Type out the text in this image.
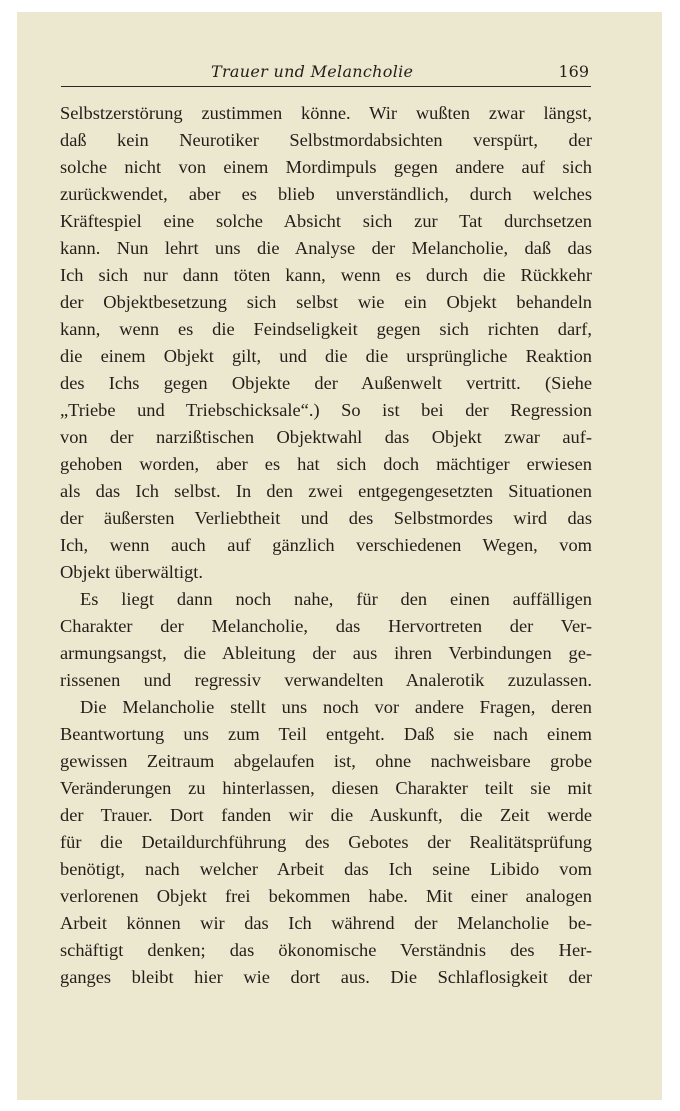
Trauer und Melancholie	169
Selbstzerstörung zustimmen könne. Wir wußten zwar längst,
daß kein Neurotiker Selbstmordabsichten verspürt, der
solche nicht von einem Mordimpuls gegen andere auf sich
zurückwendet, aber es blieb unverständlich, durch welches
Kräftespiel eine solche Absicht sich zur Tat durchsetzen
kann. Nun lehrt uns die Analyse der Melancholie, daß das
Ich sich nur dann töten kann, wenn es durch die Rückkehr
der Objektbesetzung sich selbst wie ein Objekt behandeln
kann, wenn es die Feindseligkeit gegen sich richten darf,
die einem Objekt gilt, und die die ursprüngliche Reaktion
des Ichs gegen Objekte der Außenwelt vertritt. (Siehe
„Triebe und Triebschicksale“.) So ist bei der Regression
von der narzißtischen Objektwahl das Objekt zwar auf-
gehoben worden, aber es hat sich doch mächtiger erwiesen
als das Ich selbst. In den zwei entgegengesetzten Situationen
der äußersten Verliebtheit und des Selbstmordes wird das
Ich, wenn auch auf gänzlich verschiedenen Wegen, vom
Objekt überwältigt.
Es liegt dann noch nahe, für den einen auffälligen
Charakter der Melancholie, das Hervortreten der Ver-
armungsangst, die Ableitung der aus ihren Verbindungen ge-
rissenen und regressiv verwandelten Analerotik zuzulassen.
Die Melancholie stellt uns noch vor andere Fragen, deren
Beantwortung uns zum Teil entgeht. Daß sie nach einem
gewissen Zeitraum abgelaufen ist, ohne nachweisbare grobe
Veränderungen zu hinterlassen, diesen Charakter teilt sie mit
der Trauer. Dort fanden wir die Auskunft, die Zeit werde
für die Detaildurchführung des Gebotes der Realitätsprüfung
benötigt, nach welcher Arbeit das Ich seine Libido vom
verlorenen Objekt frei bekommen habe. Mit einer analogen
Arbeit können wir das Ich während der Melancholie be-
schäftigt denken; das ökonomische Verständnis des Her-
ganges bleibt hier wie dort aus. Die Schlaflosigkeit der
